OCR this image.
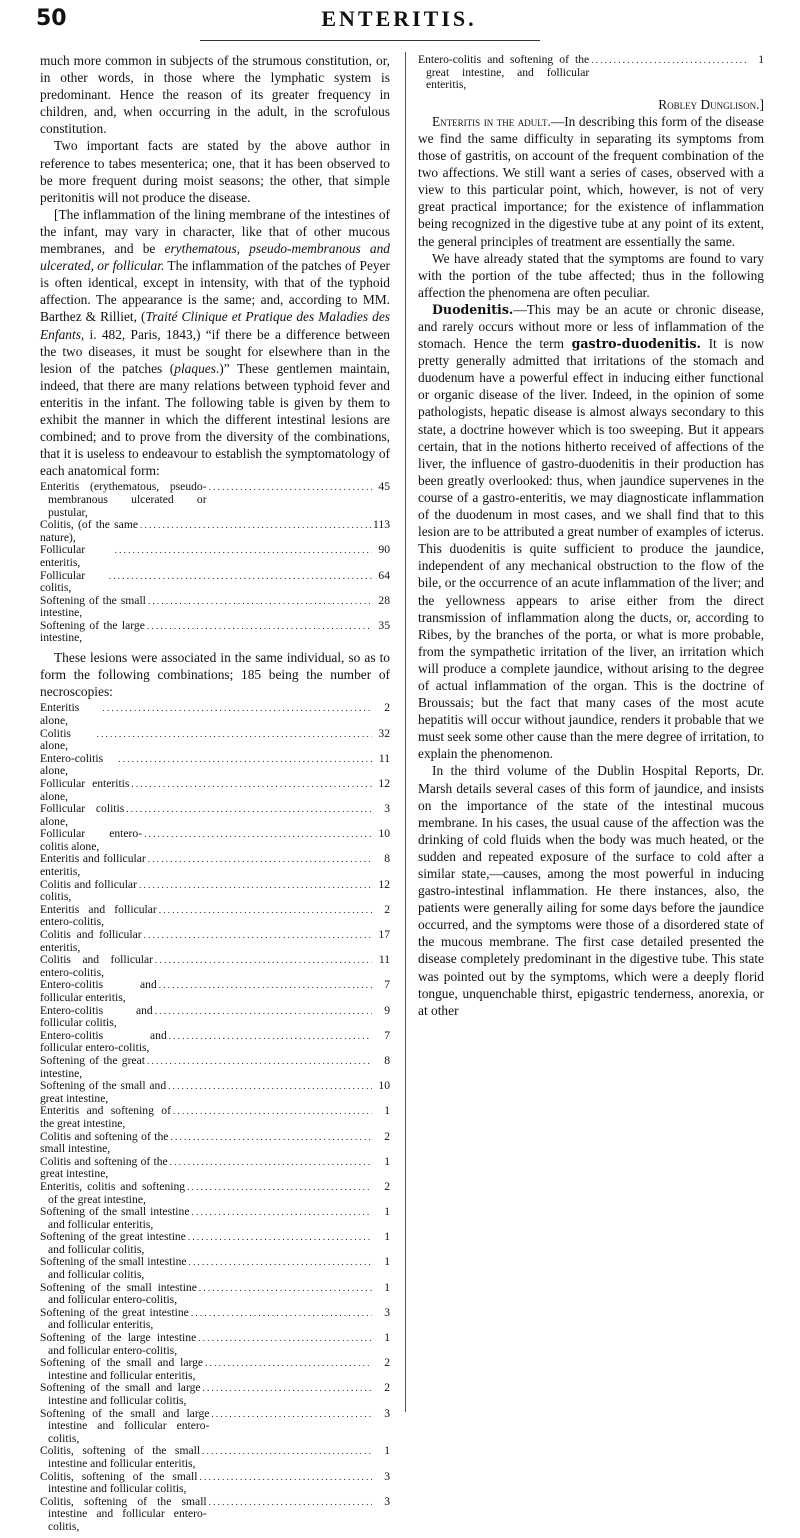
50	ENTERITIS.

much more common in subjects of the strumous constitution, or, in other words, in those where the lymphatic system is predominant. Hence the reason of its greater frequency in children, and, when occurring in the adult, in the scrofulous constitution.

Two important facts are stated by the above author in reference to tabes mesenterica; one, that it has been observed to be more frequent during moist seasons; the other, that simple peritonitis will not produce the disease.

[The inflammation of the lining membrane of the intestines of the infant, may vary in character, like that of other mucous membranes, and be erythematous, pseudo-membranous and ulcerated, or follicular. The inflammation of the patches of Peyer is often identical, except in intensity, with that of the typhoid affection. The appearance is the same; and, according to MM. Barthez & Rilliet, (Traité Clinique et Pratique des Maladies des Enfants, i. 482, Paris, 1843,) “if there be a difference between the two diseases, it must be sought for elsewhere than in the lesion of the patches (plaques.)” These gentlemen maintain, indeed, that there are many relations between typhoid fever and enteritis in the infant. The following table is given by them to exhibit the manner in which the different intestinal lesions are combined; and to prove from the diversity of the combinations, that it is useless to endeavour to establish the symptomatology of each anatomical form:

Enteritis (erythematous, pseudo-membranous ulcerated or pustular,
. . .
45
Colitis, (of the same nature),
. . .
113
Follicular enteritis,
. . .
90
Follicular colitis,
. . .
64
Softening of the small intestine,
. . .
28
Softening of the large intestine,
. . .
35

These lesions were associated in the same individual, so as to form the following combinations; 185 being the number of necroscopies:

Enteritis alone,
. . .
2
Colitis alone,
. . .
32
Entero-colitis alone,
. . .
11
Follicular enteritis alone,
. . .
12
Follicular colitis alone,
. . .
3
Follicular entero-colitis alone,
. . .
10
Enteritis and follicular enteritis,
. . .
8
Colitis and follicular colitis,
. . .
12
Enteritis and follicular entero-colitis,
. . .
2
Colitis and follicular enteritis,
. . .
17
Colitis and follicular entero-colitis,
. . .
11
Entero-colitis and follicular enteritis,
. . .
7
Entero-colitis and follicular colitis,
. . .
9
Entero-colitis and follicular entero-colitis,
. . .
7
Softening of the great intestine,
. . .
8
Softening of the small and great intestine,
. . .
10
Enteritis and softening of the great intestine,
. . .
1
Colitis and softening of the small intestine,
. . .
2
Colitis and softening of the great intestine,
. . .
1
Enteritis, colitis and softening of the great intestine,
. . .
2
Softening of the small intestine and follicular enteritis,
. . .
1
Softening of the great intestine and follicular colitis,
. . .
1
Softening of the small intestine and follicular colitis,
. . .
1
Softening of the small intestine and follicular entero-colitis,
. . .
1
Softening of the great intestine and follicular enteritis,
. . .
3
Softening of the large intestine and follicular entero-colitis,
. . .
1
Softening of the small and large intestine and follicular enteritis,
. . .
2
Softening of the small and large intestine and follicular colitis,
. . .
2
Softening of the small and large intestine and follicular entero-colitis,
. . .
3
Colitis, softening of the small intestine and follicular enteritis,
. . .
1
Colitis, softening of the small intestine and follicular colitis,
. . .
3
Colitis, softening of the small intestine and follicular entero-colitis,
. . .
3
Entero-colitis and softening of the great intestine, and follicular enteritis,
. . .
1

Robley Dunglison.]

Enteritis in the adult.—In describing this form of the disease we find the same difficulty in separating its symptoms from those of gastritis, on account of the frequent combination of the two affections. We still want a series of cases, observed with a view to this particular point, which, however, is not of very great practical importance; for the existence of inflammation being recognized in the digestive tube at any point of its extent, the general principles of treatment are essentially the same.

We have already stated that the symptoms are found to vary with the portion of the tube affected; thus in the following affection the phenomena are often peculiar.

Duodenitis.—This may be an acute or chronic disease, and rarely occurs without more or less of inflammation of the stomach. Hence the term gastro-duodenitis. It is now pretty generally admitted that irritations of the stomach and duodenum have a powerful effect in inducing either functional or organic disease of the liver. Indeed, in the opinion of some pathologists, hepatic disease is almost always secondary to this state, a doctrine however which is too sweeping. But it appears certain, that in the notions hitherto received of affections of the liver, the influence of gastro-duodenitis in their production has been greatly overlooked: thus, when jaundice supervenes in the course of a gastro-enteritis, we may diagnosticate inflammation of the duodenum in most cases, and we shall find that to this lesion are to be attributed a great number of examples of icterus. This duodenitis is quite sufficient to produce the jaundice, independent of any mechanical obstruction to the flow of the bile, or the occurrence of an acute inflammation of the liver; and the yellowness appears to arise either from the direct transmission of inflammation along the ducts, or, according to Ribes, by the branches of the porta, or what is more probable, from the sympathetic irritation of the liver, an irritation which will produce a complete jaundice, without arising to the degree of actual inflammation of the organ. This is the doctrine of Broussais; but the fact that many cases of the most acute hepatitis will occur without jaundice, renders it probable that we must seek some other cause than the mere degree of irritation, to explain the phenomenon.

In the third volume of the Dublin Hospital Reports, Dr. Marsh details several cases of this form of jaundice, and insists on the importance of the state of the intestinal mucous membrane. In his cases, the usual cause of the affection was the drinking of cold fluids when the body was much heated, or the sudden and repeated exposure of the surface to cold after a similar state,—causes, among the most powerful in inducing gastro-intestinal inflammation. He there instances, also, the patients were generally ailing for some days before the jaundice occurred, and the symptoms were those of a disordered state of the mucous membrane. The first case detailed presented the disease completely predominant in the digestive tube. This state was pointed out by the symptoms, which were a deeply florid tongue, unquenchable thirst, epigastric tenderness, anorexia, or at other
